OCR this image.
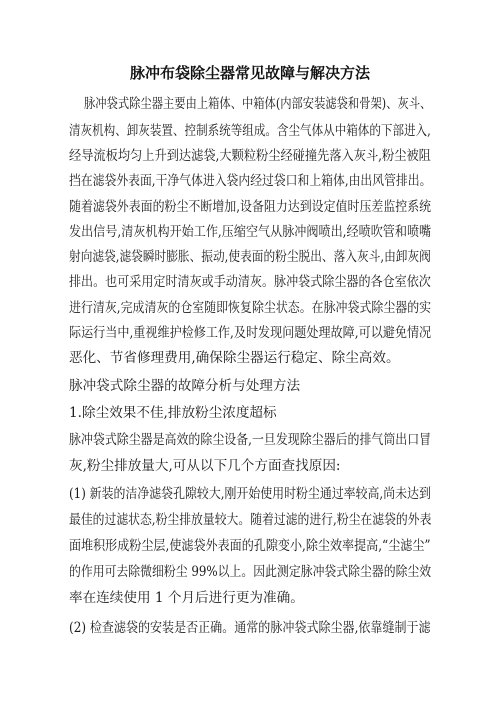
脉冲布袋除尘器常见故障与解决方法
脉冲袋式除尘器主要由上箱体、中箱体(内部安装滤袋和骨架)、灰斗、
清灰机构、卸灰装置、控制系统等组成。含尘气体从中箱体的下部进入,
经导流板均匀上升到达滤袋,大颗粒粉尘经碰撞先落入灰斗,粉尘被阻
挡在滤袋外表面,干净气体进入袋内经过袋口和上箱体,由出风管排出。
随着滤袋外表面的粉尘不断增加,设备阻力达到设定值时压差监控系统
发出信号,清灰机构开始工作,压缩空气从脉冲阀喷出,经喷吹管和喷嘴
射向滤袋,滤袋瞬时膨胀、振动,使表面的粉尘脱出、落入灰斗,由卸灰阀
排出。也可采用定时清灰或手动清灰。脉冲袋式除尘器的各仓室依次
进行清灰,完成清灰的仓室随即恢复除尘状态。在脉冲袋式除尘器的实
际运行当中,重视维护检修工作,及时发现问题处理故障,可以避免情况
恶化、节省修理费用,确保除尘器运行稳定、除尘高效。
脉冲袋式除尘器的故障分析与处理方法
1.除尘效果不佳,排放粉尘浓度超标
脉冲袋式除尘器是高效的除尘设备,一旦发现除尘器后的排气筒出口冒
灰,粉尘排放量大,可从以下几个方面查找原因:
(1) 新装的洁净滤袋孔隙较大,刚开始使用时粉尘通过率较高,尚未达到
最佳的过滤状态,粉尘排放量较大。随着过滤的进行,粉尘在滤袋的外表
面堆积形成粉尘层,使滤袋外表面的孔隙变小,除尘效率提高,“尘滤尘”
的作用可去除微细粉尘 99%以上。因此测定脉冲袋式除尘器的除尘效
率在连续使用 1 个月后进行更为准确。
(2) 检查滤袋的安装是否正确。通常的脉冲袋式除尘器,依靠缝制于滤
